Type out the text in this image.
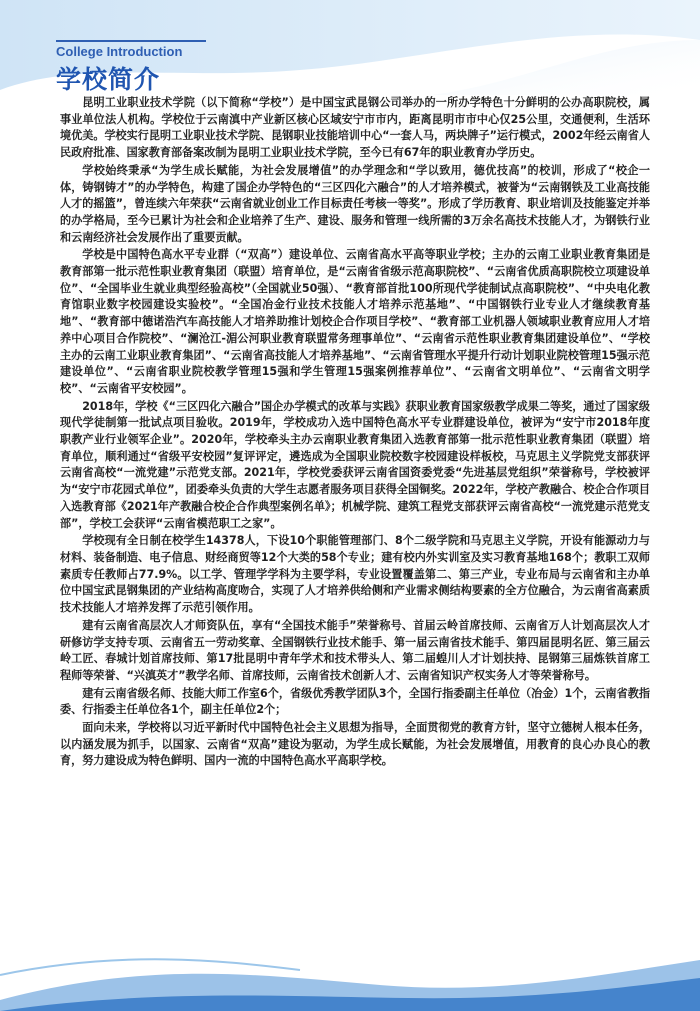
College Introduction
学校简介

昆明工业职业技术学院（以下简称“学校”）是中国宝武昆钢公司举办的一所办学特色十分鲜明的公办高职院校，属事业单位法人机构。学校位于云南滇中产业新区核心区域安宁市市内，距离昆明市市中心仅25公里，交通便利，生活环境优美。学校实行昆明工业职业技术学院、昆钢职业技能培训中心“一套人马，两块牌子”运行模式，2002年经云南省人民政府批准、国家教育部备案改制为昆明工业职业技术学院，至今已有67年的职业教育办学历史。

学校始终秉承“为学生成长赋能，为社会发展增值”的办学理念和“学以致用，德优技高”的校训，形成了“校企一体，铸钢铸才”的办学特色，构建了国企办学特色的“三区四化六融合”的人才培养模式，被誉为“云南钢铁及工业高技能人才的摇篮”，曾连续六年荣获“云南省就业创业工作目标责任考核一等奖”。形成了学历教育、职业培训及技能鉴定并举的办学格局，至今已累计为社会和企业培养了生产、建设、服务和管理一线所需的3万余名高技术技能人才，为钢铁行业和云南经济社会发展作出了重要贡献。

学校是中国特色高水平专业群（“双高”）建设单位、云南省高水平高等职业学校；主办的云南工业职业教育集团是教育部第一批示范性职业教育集团（联盟）培育单位，是“云南省省级示范高职院校”、“云南省优质高职院校立项建设单位”、“全国毕业生就业典型经验高校”（全国就业50强）、“教育部首批100所现代学徒制试点高职院校”、“中央电化教育馆职业数字校园建设实验校”。“全国冶金行业技术技能人才培养示范基地”、“中国钢铁行业专业人才继续教育基地”、“教育部中德诺浩汽车高技能人才培养助推计划校企合作项目学校”、“教育部工业机器人领域职业教育应用人才培养中心项目合作院校”、“澜沧江-湄公河职业教育联盟常务理事单位”、“云南省示范性职业教育集团建设单位”、“学校主办的云南工业职业教育集团”、“云南省高技能人才培养基地”、“云南省管理水平提升行动计划职业院校管理15强示范建设单位”、“云南省职业院校教学管理15强和学生管理15强案例推荐单位”、“云南省文明单位”、“云南省文明学校”、“云南省平安校园”。

2018年，学校《“三区四化六融合”国企办学模式的改革与实践》获职业教育国家级教学成果二等奖，通过了国家级现代学徒制第一批试点项目验收。2019年，学校成功入选中国特色高水平专业群建设单位，被评为“安宁市2018年度职教产业行业领军企业”。2020年，学校牵头主办云南职业教育集团入选教育部第一批示范性职业教育集团（联盟）培育单位，顺利通过“省级平安校园”复评评定，遴选成为全国职业院校数字校园建设样板校，马克思主义学院党支部获评云南省高校“一流党建”示范党支部。2021年，学校党委获评云南省国资委党委“先进基层党组织”荣誉称号，学校被评为“安宁市花园式单位”，团委牵头负责的大学生志愿者服务项目获得全国铜奖。2022年，学校产教融合、校企合作项目入选教育部《2021年产教融合校企合作典型案例名单》；机械学院、建筑工程党支部获评云南省高校“一流党建示范党支部”，学校工会获评“云南省模范职工之家”。

学校现有全日制在校学生14378人，下设10个职能管理部门、8个二级学院和马克思主义学院，开设有能源动力与材料、装备制造、电子信息、财经商贸等12个大类的58个专业；建有校内外实训室及实习教育基地168个；教职工双师素质专任教师占77.9%。以工学、管理学学科为主要学科，专业设置覆盖第二、第三产业，专业布局与云南省和主办单位中国宝武昆钢集团的产业结构高度吻合，实现了人才培养供给侧和产业需求侧结构要素的全方位融合，为云南省高素质技术技能人才培养发挥了示范引领作用。

建有云南省高层次人才师资队伍，享有“全国技术能手”荣誉称号、首届云岭首席技师、云南省万人计划高层次人才研修访学支持专项、云南省五一劳动奖章、全国钢铁行业技术能手、第一届云南省技术能手、第四届昆明名匠、第三届云岭工匠、春城计划首席技师、第17批昆明中青年学术和技术带头人、第二届蝗川人才计划扶持、昆钢第三届炼铁首席工程师等荣誉、“兴滇英才”教学名师、首席技师，云南省技术创新人才、云南省知识产权实务人才等荣誉称号。

建有云南省级名师、技能大师工作室6个，省级优秀教学团队3个，全国行指委副主任单位（冶金）1个，云南省教指委、行指委主任单位各1个，副主任单位2个；

面向未来，学校将以习近平新时代中国特色社会主义思想为指导，全面贯彻党的教育方针，坚守立德树人根本任务，以内涵发展为抓手，以国家、云南省“双高”建设为驱动，为学生成长赋能，为社会发展增值，用教育的良心办良心的教育，努力建设成为特色鲜明、国内一流的中国特色高水平高职学校。
